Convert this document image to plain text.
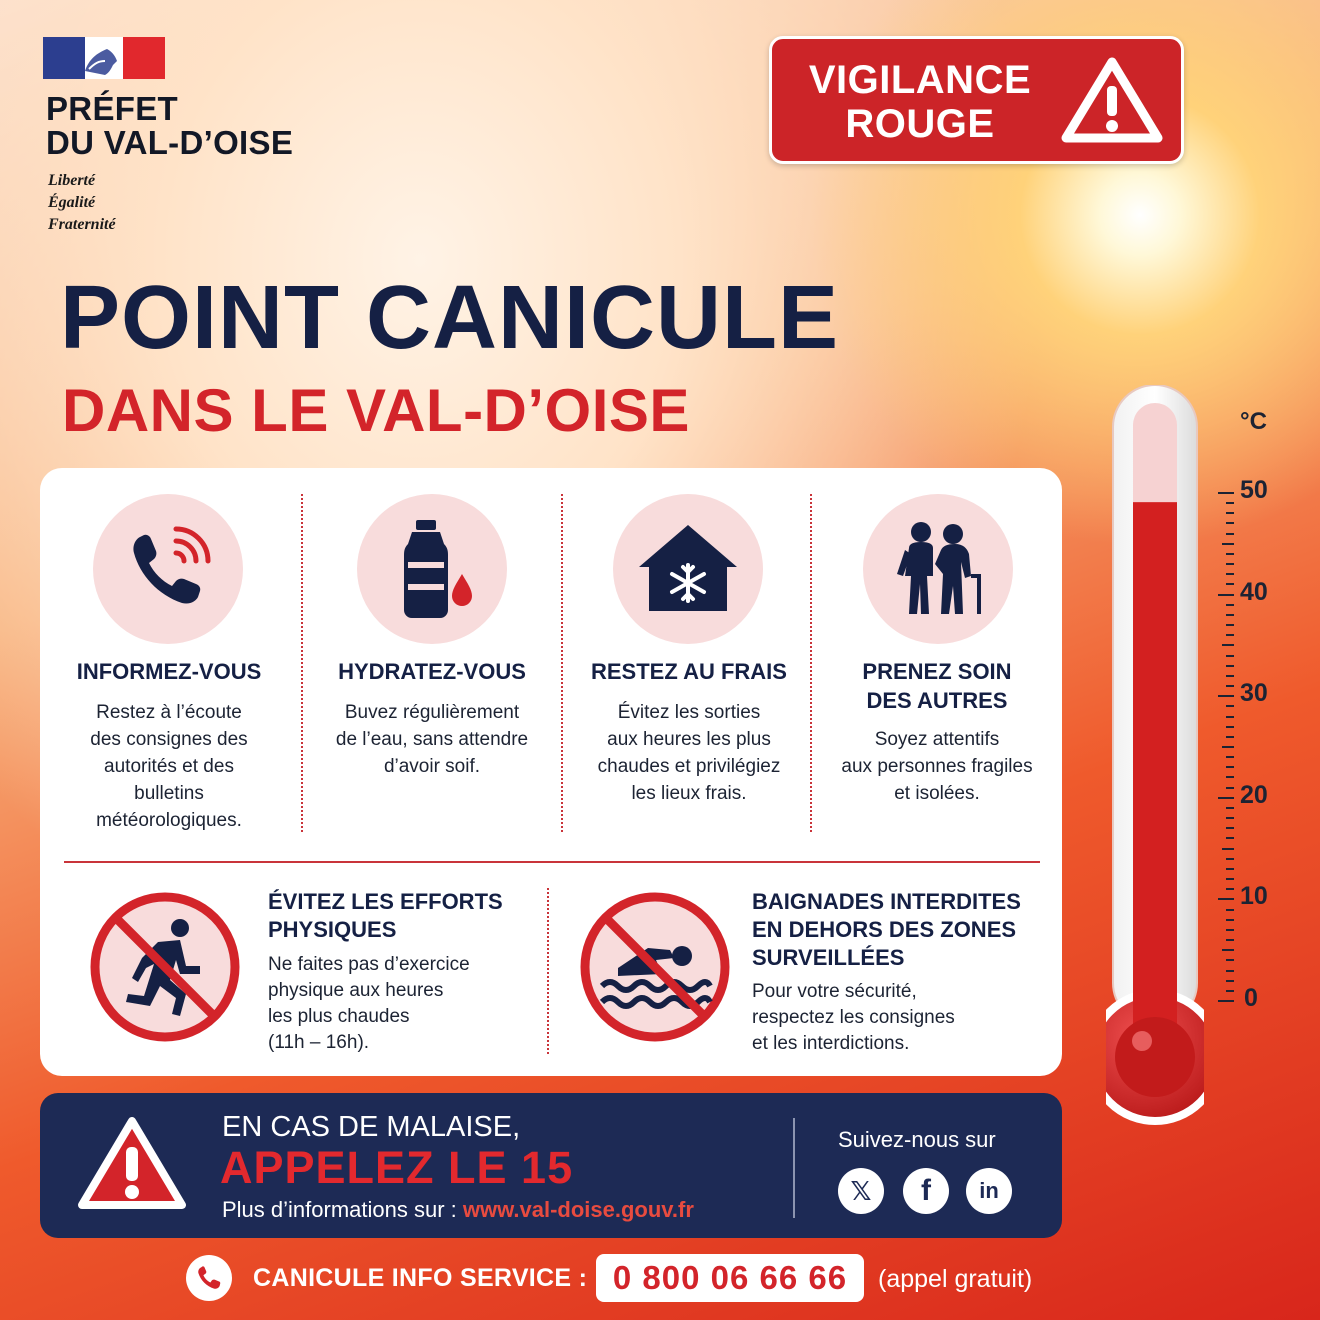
PRÉFET
DU VAL-D’OISE
Liberté
Égalité
Fraternité
VIGILANCE
ROUGE
POINT CANICULE
DANS LE VAL-D’OISE
INFORMEZ-VOUS
Restez à l’écoute
des consignes des
autorités et des
bulletins
météorologiques.
HYDRATEZ-VOUS
Buvez régulièrement
de l’eau, sans attendre
d’avoir soif.
RESTEZ AU FRAIS
Évitez les sorties
aux heures les plus
chaudes et privilégiez
les lieux frais.
PRENEZ SOIN
DES AUTRES
Soyez attentifs
aux personnes fragiles
et isolées.
ÉVITEZ LES EFFORTS
PHYSIQUES
Ne faites pas d’exercice
physique aux heures
les plus chaudes
(11h – 16h).
BAIGNADES INTERDITES
EN DEHORS DES ZONES
SURVEILLÉES
Pour votre sécurité,
respectez les consignes
et les interdictions.
EN CAS DE MALAISE,
APPELEZ LE 15
Plus d’informations sur : www.val-doise.gouv.fr
Suivez-nous sur
𝕏 f in
CANICULE INFO SERVICE : 0 800 06 66 66	(appel gratuit)
°C
50
40
30
20
10
0
